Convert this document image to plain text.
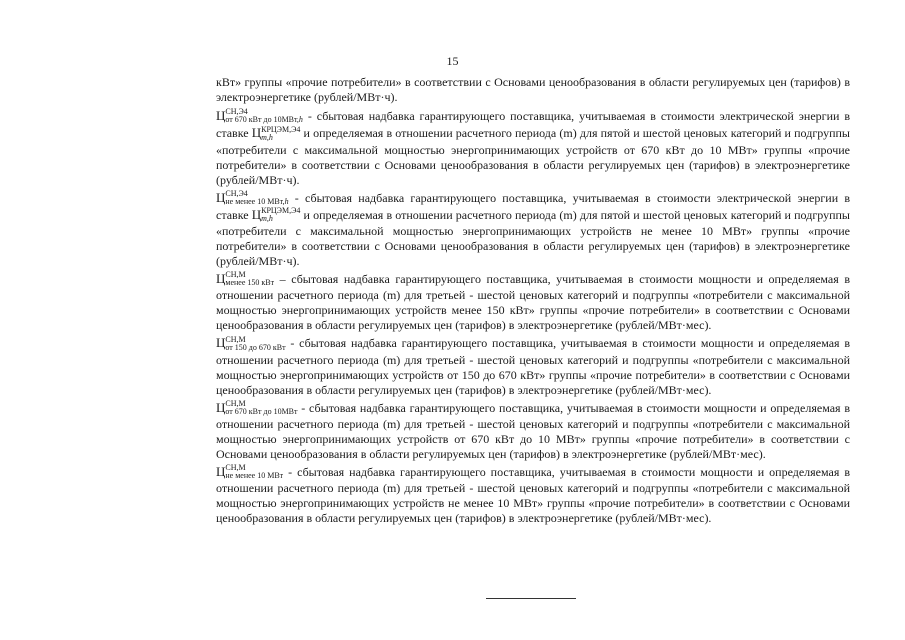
15

кВт» группы «прочие потребители» в соответствии с Основами ценообразования в области регулируемых цен (тарифов) в электроэнергетике (рублей/МВт·ч).

Ц СН,Э4
от 670 кВт до 10МВт,h - сбытовая надбавка гарантирующего поставщика, учитываемая в стоимости электрической энергии в ставке Ц КРЦЭМ,Э4
m,h	и определяемая в отношении расчетного периода (m) для пятой и шестой ценовых категорий и подгруппы «потребители с максимальной мощностью энергопринимающих устройств от 670 кВт до 10 МВт» группы «прочие потребители» в соответствии с Основами ценообразования в области регулируемых цен (тарифов) в электроэнергетике (рублей/МВт·ч).

Ц СН,Э4
не менее 10 МВт,h - сбытовая надбавка гарантирующего поставщика, учитываемая в стоимости электрической энергии в ставке Ц КРЦЭМ,Э4
m,h	и определяемая в отношении расчетного периода (m) для пятой и шестой ценовых категорий и подгруппы «потребители с максимальной мощностью энергопринимающих устройств не менее 10 МВт» группы «прочие потребители» в соответствии с Основами ценообразования в области регулируемых цен (тарифов) в электроэнергетике (рублей/МВт·ч).

Ц СН,М
менее 150 кВт – сбытовая надбавка гарантирующего поставщика, учитываемая в стоимости мощности и определяемая в отношении расчетного периода (m) для третьей - шестой ценовых категорий и подгруппы «потребители с максимальной мощностью энергопринимающих устройств менее 150 кВт» группы «прочие потребители» в соответствии с Основами ценообразования в области регулируемых цен (тарифов) в электроэнергетике (рублей/МВт·мес).

Ц СН,М
от 150 до 670 кВт - сбытовая надбавка гарантирующего поставщика, учитываемая в стоимости мощности и определяемая в отношении расчетного периода (m) для третьей - шестой ценовых категорий и подгруппы «потребители с максимальной мощностью энергопринимающих устройств от 150 до 670 кВт» группы «прочие потребители» в соответствии с Основами ценообразования в области регулируемых цен (тарифов) в электроэнергетике (рублей/МВт·мес).

Ц СН,М
от 670 кВт до 10МВт - сбытовая надбавка гарантирующего поставщика, учитываемая в стоимости мощности и определяемая в отношении расчетного периода (m) для третьей - шестой ценовых категорий и подгруппы «потребители с максимальной мощностью энергопринимающих устройств от 670 кВт до 10 МВт» группы «прочие потребители» в соответствии с Основами ценообразования в области регулируемых цен (тарифов) в электроэнергетике (рублей/МВт·мес).

Ц СН,М
не менее 10 МВт - сбытовая надбавка гарантирующего поставщика, учитываемая в стоимости мощности и определяемая в отношении расчетного периода (m) для третьей - шестой ценовых категорий и подгруппы «потребители с максимальной мощностью энергопринимающих устройств не менее 10 МВт» группы «прочие потребители» в соответствии с Основами ценообразования в области регулируемых цен (тарифов) в электроэнергетике (рублей/МВт·мес).
